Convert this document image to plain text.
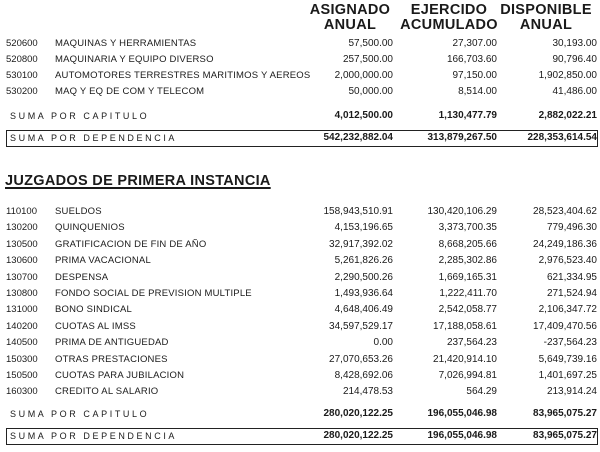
ASIGNADO
ANUAL
EJERCIDO
ACUMULADO
DISPONIBLE
ANUAL
520600 MAQUINAS Y HERRAMIENTAS	57,500.00	27,307.00	30,193.00
520800 MAQUINARIA Y EQUIPO DIVERSO	257,500.00	166,703.60	90,796.40
530100 AUTOMOTORES TERRESTRES MARITIMOS Y AEREOS 2,000,000.00	97,150.00	1,902,850.00
530200 MAQ Y EQ DE COM Y TELECOM	50,000.00	8,514.00	41,486.00
SUMA POR CAPITULO	4,012,500.00	1,130,477.79	2,882,022.21
SUMA POR DEPENDENCIA	542,232,882.04	313,879,267.50	228,353,614.54
JUZGADOS DE PRIMERA INSTANCIA
110100 SUELDOS	158,943,510.91	130,420,106.29	28,523,404.62
130200 QUINQUENIOS	4,153,196.65	3,373,700.35	779,496.30
130500 GRATIFICACION DE FIN DE AÑO	32,917,392.02	8,668,205.66	24,249,186.36
130600 PRIMA VACACIONAL	5,261,826.26	2,285,302.86	2,976,523.40
130700 DESPENSA	2,290,500.26	1,669,165.31	621,334.95
130800 FONDO SOCIAL DE PREVISION MULTIPLE	1,493,936.64	1,222,411.70	271,524.94
131000 BONO SINDICAL	4,648,406.49	2,542,058.77	2,106,347.72
140200 CUOTAS AL IMSS	34,597,529.17	17,188,058.61	17,409,470.56
140500 PRIMA DE ANTIGUEDAD	0.00	237,564.23	-237,564.23
150300 OTRAS PRESTACIONES	27,070,653.26	21,420,914.10	5,649,739.16
150500 CUOTAS PARA JUBILACION	8,428,692.06	7,026,994.81	1,401,697.25
160300 CREDITO AL SALARIO	214,478.53	564.29	213,914.24
SUMA POR CAPITULO	280,020,122.25	196,055,046.98	83,965,075.27
SUMA POR DEPENDENCIA	280,020,122.25	196,055,046.98	83,965,075.27
